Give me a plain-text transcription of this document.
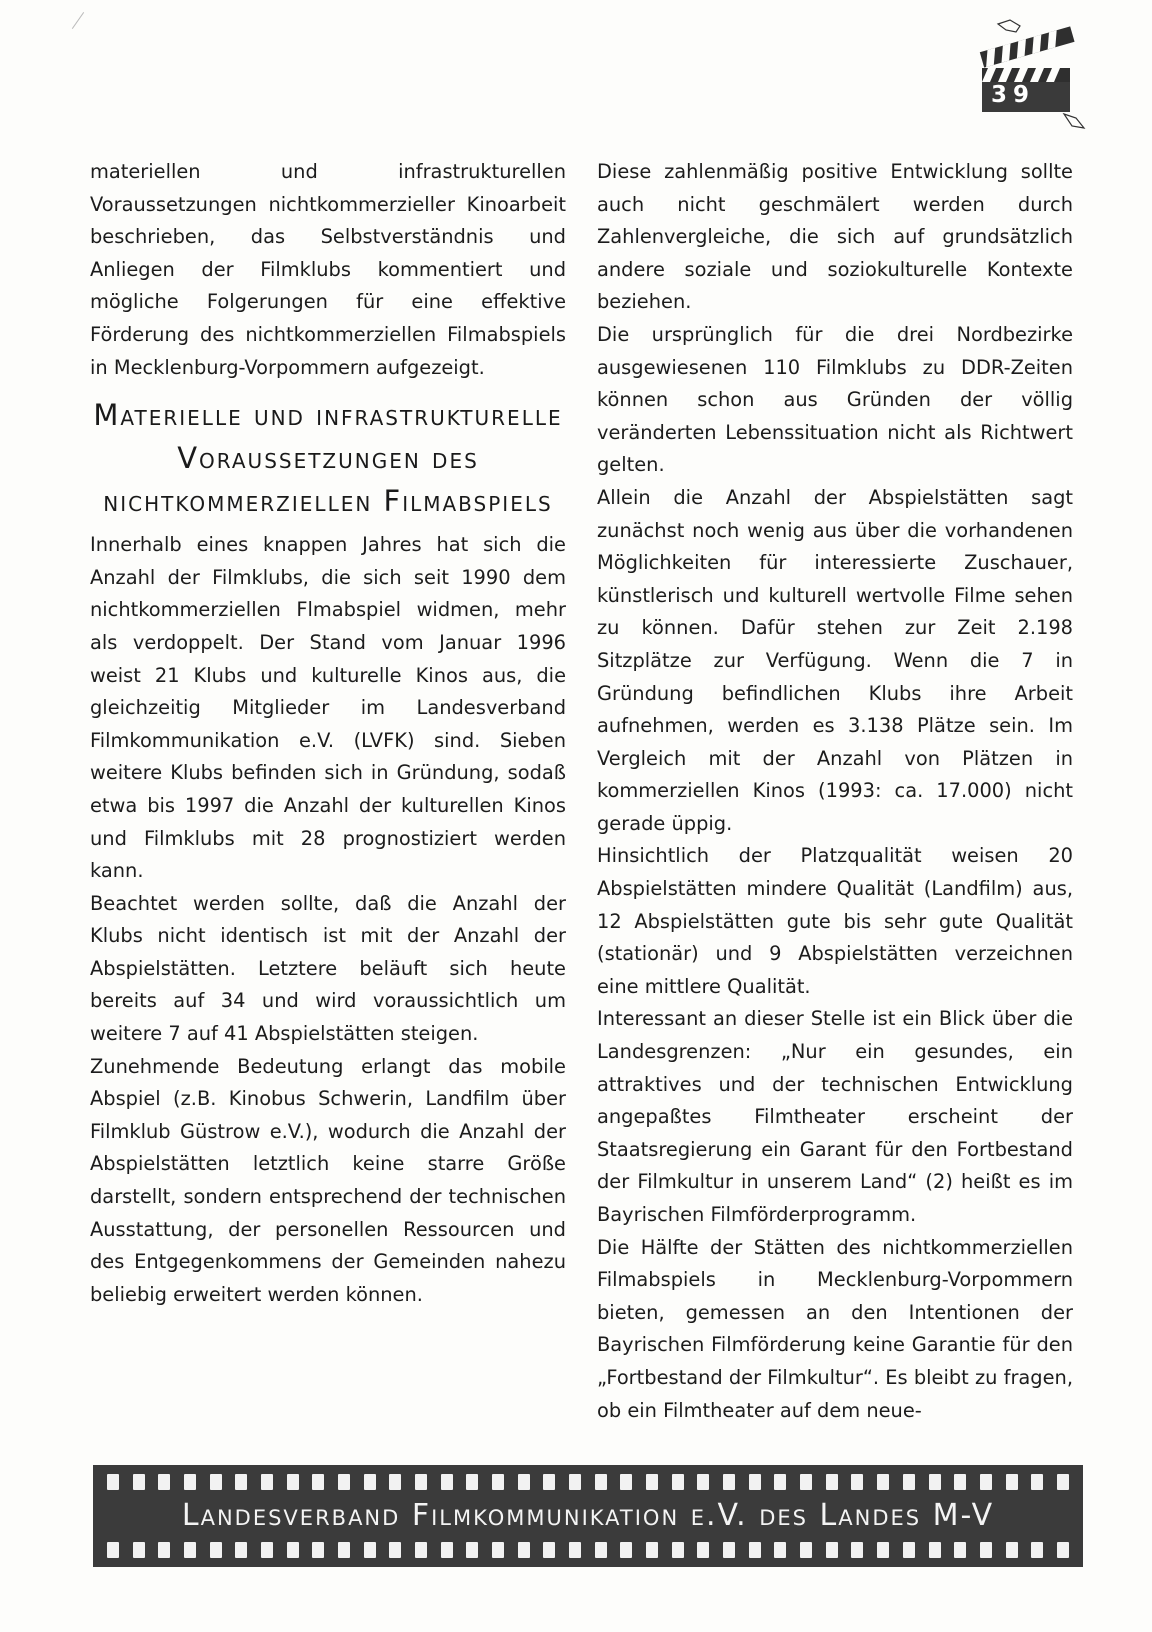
39

materiellen und infrastrukturellen Voraussetzungen nichtkommerzieller Kinoarbeit beschrieben, das Selbstverständnis und Anliegen der Filmklubs kommentiert und mögliche Folgerungen für eine effektive Förderung des nichtkommerziellen Filmabspiels in Mecklenburg-Vorpommern aufgezeigt.

Materielle und infrastrukturelle Voraussetzungen des nichtkommerziellen Filmabspiels

Innerhalb eines knappen Jahres hat sich die Anzahl der Filmklubs, die sich seit 1990 dem nichtkommerziellen Flmabspiel widmen, mehr als verdoppelt. Der Stand vom Januar 1996 weist 21 Klubs und kulturelle Kinos aus, die gleichzeitig Mitglieder im Landesverband Filmkommunikation e.V. (LVFK) sind. Sieben weitere Klubs befinden sich in Gründung, sodaß etwa bis 1997 die Anzahl der kulturellen Kinos und Filmklubs mit 28 prognostiziert werden kann.

Beachtet werden sollte, daß die Anzahl der Klubs nicht identisch ist mit der Anzahl der Abspielstätten. Letztere beläuft sich heute bereits auf 34 und wird voraussichtlich um weitere 7 auf 41 Abspielstätten steigen.

Zunehmende Bedeutung erlangt das mobile Abspiel (z.B. Kinobus Schwerin, Landfilm über Filmklub Güstrow e.V.), wodurch die Anzahl der Abspielstätten letztlich keine starre Größe darstellt, sondern entsprechend der technischen Ausstattung, der personellen Ressourcen und des Entgegenkommens der Gemeinden nahezu beliebig erweitert werden können.

Diese zahlenmäßig positive Entwicklung sollte auch nicht geschmälert werden durch Zahlenvergleiche, die sich auf grundsätzlich andere soziale und soziokulturelle Kontexte beziehen.

Die ursprünglich für die drei Nordbezirke ausgewiesenen 110 Filmklubs zu DDR-Zeiten können schon aus Gründen der völlig veränderten Lebenssituation nicht als Richtwert gelten.

Allein die Anzahl der Abspielstätten sagt zunächst noch wenig aus über die vorhandenen Möglichkeiten für interessierte Zuschauer, künstlerisch und kulturell wertvolle Filme sehen zu können. Dafür stehen zur Zeit 2.198 Sitzplätze zur Verfügung. Wenn die 7 in Gründung befindlichen Klubs ihre Arbeit aufnehmen, werden es 3.138 Plätze sein. Im Vergleich mit der Anzahl von Plätzen in kommerziellen Kinos (1993: ca. 17.000) nicht gerade üppig.

Hinsichtlich der Platzqualität weisen 20 Abspielstätten mindere Qualität (Landfilm) aus, 12 Abspielstätten gute bis sehr gute Qualität (stationär) und 9 Abspielstätten verzeichnen eine mittlere Qualität.

Interessant an dieser Stelle ist ein Blick über die Landesgrenzen: „Nur ein gesundes, ein attraktives und der technischen Entwicklung angepaßtes Filmtheater erscheint der Staatsregierung ein Garant für den Fortbestand der Filmkultur in unserem Land“ (2) heißt es im Bayrischen Filmförderprogramm.

Die Hälfte der Stätten des nichtkommerziellen Filmabspiels in Mecklenburg-Vorpommern bieten, gemessen an den Intentionen der Bayrischen Filmförderung keine Garantie für den „Fortbestand der Filmkultur“. Es bleibt zu fragen, ob ein Filmtheater auf dem neue-

Landesverband Filmkommunikation e.V. des Landes M-V
